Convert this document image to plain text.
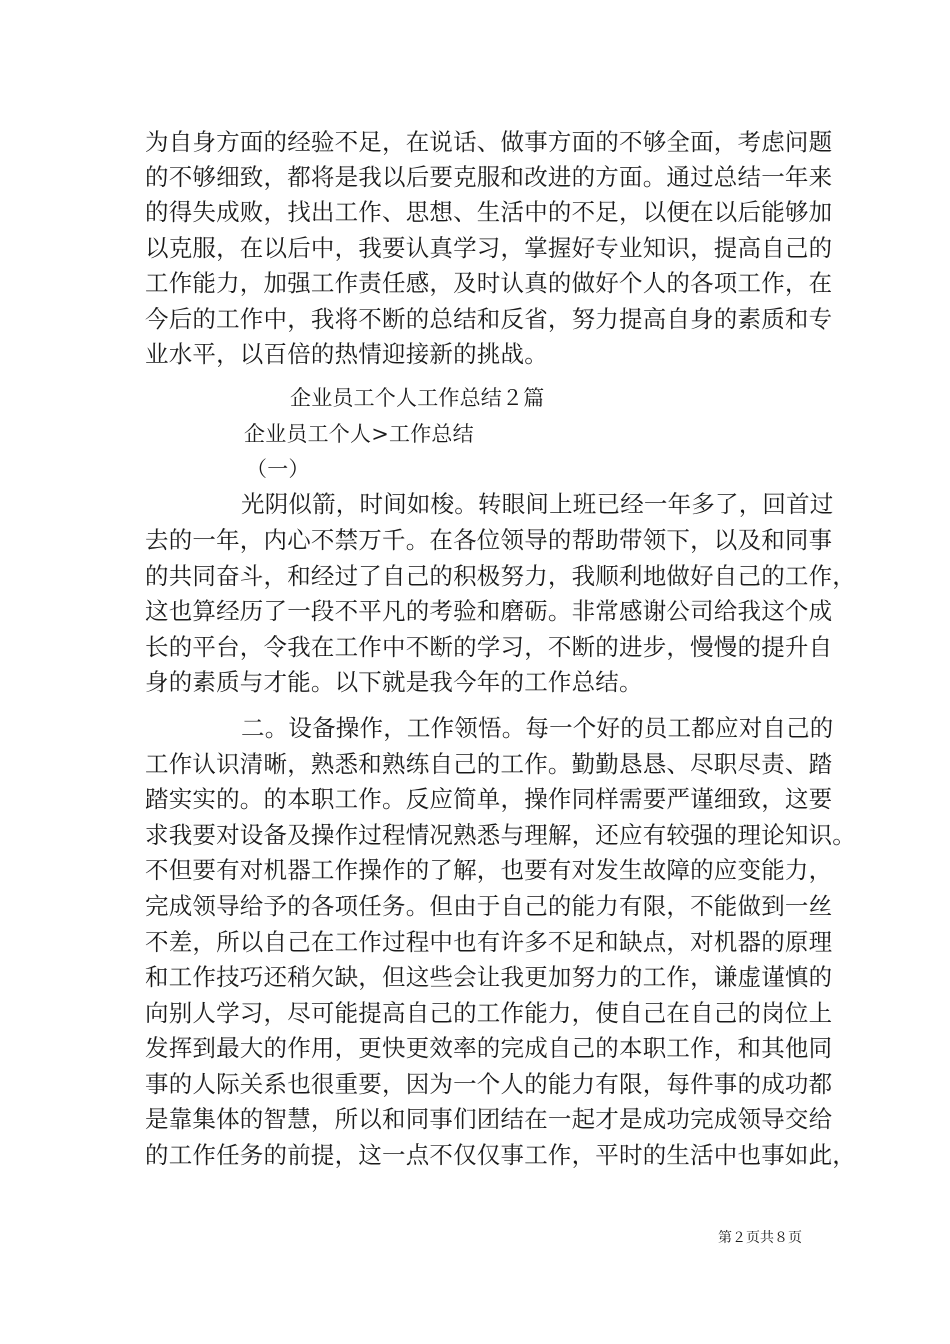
为自身方面的经验不足，在说话、做事方面的不够全面，考虑问题
的不够细致，都将是我以后要克服和改进的方面。通过总结一年来
的得失成败，找出工作、思想、生活中的不足，以便在以后能够加
以克服，在以后中，我要认真学习，掌握好专业知识，提高自己的
工作能力，加强工作责任感，及时认真的做好个人的各项工作，在
今后的工作中，我将不断的总结和反省，努力提高自身的素质和专
业水平，以百倍的热情迎接新的挑战。
企业员工个人工作总结２篇
企业员工个人>工作总结
（一）
光阴似箭，时间如梭。转眼间上班已经一年多了，回首过
去的一年，内心不禁万千。在各位领导的帮助带领下，以及和同事
的共同奋斗，和经过了自己的积极努力，我顺利地做好自己的工作，
这也算经历了一段不平凡的考验和磨砺。非常感谢公司给我这个成
长的平台，令我在工作中不断的学习，不断的进步，慢慢的提升自
身的素质与才能。以下就是我今年的工作总结。
二。设备操作，工作领悟。每一个好的员工都应对自己的
工作认识清晰，熟悉和熟练自己的工作。勤勤恳恳、尽职尽责、踏
踏实实的。的本职工作。反应简单，操作同样需要严谨细致，这要
求我要对设备及操作过程情况熟悉与理解，还应有较强的理论知识。
不但要有对机器工作操作的了解，也要有对发生故障的应变能力，
完成领导给予的各项任务。但由于自己的能力有限，不能做到一丝
不差，所以自己在工作过程中也有许多不足和缺点，对机器的原理
和工作技巧还稍欠缺，但这些会让我更加努力的工作，谦虚谨慎的
向别人学习，尽可能提高自己的工作能力，使自己在自己的岗位上
发挥到最大的作用，更快更效率的完成自己的本职工作，和其他同
事的人际关系也很重要，因为一个人的能力有限，每件事的成功都
是靠集体的智慧，所以和同事们团结在一起才是成功完成领导交给
的工作任务的前提，这一点不仅仅事工作，平时的生活中也事如此，
第２页共８页
